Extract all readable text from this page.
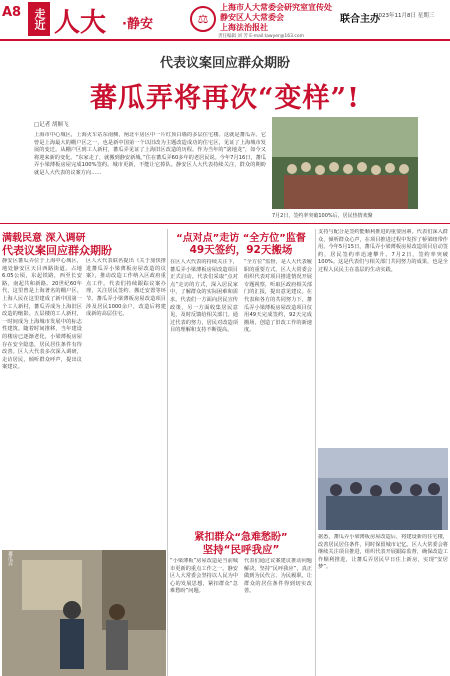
A8	走近 人大 ·静安	⚖
上海市人大常委会研究室宣传处
静安区人大常委会
上海法治报社
联合主办
2023年11月8日 星期三
责任编辑 刘 芳 E-mail:lawyer@163.com
代表议案回应群众期盼
蕃瓜弄将再次“变样”!
□记者 胡顺飞
上海市中心城区，上海火车站东南侧，闸北平房区中一片红顶白墙的多层住宅楼。这就是蕃瓜弄。它曾是上海最大的棚户区之一，也是新中国第一个以旧改为主题改造成功的住宅区，见证了上海城市发展的变迁。从棚户区到工人新村，蕃瓜弄见证了上海旧区改造的历程。作为当年的“滚地龙”，如今又将迎来新的变化。“东家走了，就搬到静安新城。”住在蕃瓜弄60多年的老居民说。今年7月16日，蕃瓜弄小梁薄板房屋完成100%签约。城市更新，不能让它掉队。静安区人大代表持续关注，群众的期盼就是人大代表的议案方向……
7月2日，签约率突破100%后，居民热情欢聚
满载民意 深入调研
代表议案回应群众期盼
静安区蕃瓜弄位于上海中心城区，地处静安区天目西路街道。占地6.05公顷，东起铁路，西至长安路，南起共和新路。20世纪60年代，这里曾是上海著名的棚户区。上海人民在这里建成了新中国第一个工人新村，蕃瓜弄成为上海旧区改造的缩影。五层楼的工人新村，一时间成为上海城市发展中的标志性建筑。随着时间推移，当年建设的楼房已逐渐老化，小梁薄板房屋存在安全隐患，居民居住条件有待改善。区人大代表多次深入调研，走访居民，倾听群众呼声，提出议案建议。
区人大代表联名提出《关于加快推进蕃瓜弄小梁薄板房屋改造的议案》，推动改造工作纳入区政府重点工作。代表们持续跟踪议案办理，关注居民签约、搬迁安置等环节。蕃瓜弄小梁薄板房屋改造项目涉及居民1000余户，改造后将建成新的高层住宅。
蕃瓜弄
“点对点”走访 “全方位”监督
49天签约，92天搬场
在区人大代表的持续关注下，蕃瓜弄小梁薄板房屋改造项目正式启动。代表们采取“点对点”走访的方式，深入居民家中，了解群众的实际困难和需求。代表们一方面向居民宣传政策，另一方面收集居民意见，及时反馈给相关部门。通过代表的努力，居民对改造项目的理解和支持不断提高。
“全方位”监督，是人大代表履职的重要方式。区人大常委会组织代表对项目推进情况开展专题视察，听取区政府相关部门的汇报，提出意见建议。在代表和各方的共同努力下，蕃瓜弄小梁薄板房屋改造项目仅用49天完成签约，92天完成搬场，创造了旧改工作的新速度。
紧扣群众“急难愁盼”
坚持“民呼我应”
“小梁薄板”房屋改造是当前城市更新的重点工作之一。静安区人大常委会坚持以人民为中心的发展思想，紧扣群众“急难愁盼”问题。
代表们通过议案建议推动问题解决，坚持“民呼我应”，真正做到为民代言、为民履职，让群众的居住条件得到切实改善。
支持与配合是签约能顺利推进的重要因素。代表们深入群众，倾听群众心声，在项目推进过程中发挥了桥梁纽带作用。今年5月15日，蕃瓜弄小梁薄板房屋改造项目启动签约，居民签约率迅速攀升。7月2日，签约率突破100%。这是代表们与相关部门共同努力的成果，也是全过程人民民主在基层的生动实践。
据悉，蕃瓜弄小梁薄板房屋改造后，将建设新的住宅楼，改善居民居住条件，同时保留城市记忆。区人大常委会将继续关注项目推进，组织代表开展跟踪监督，确保改造工作顺利推进，让蕃瓜弄居民早日住上新房，实现“安居梦”。
